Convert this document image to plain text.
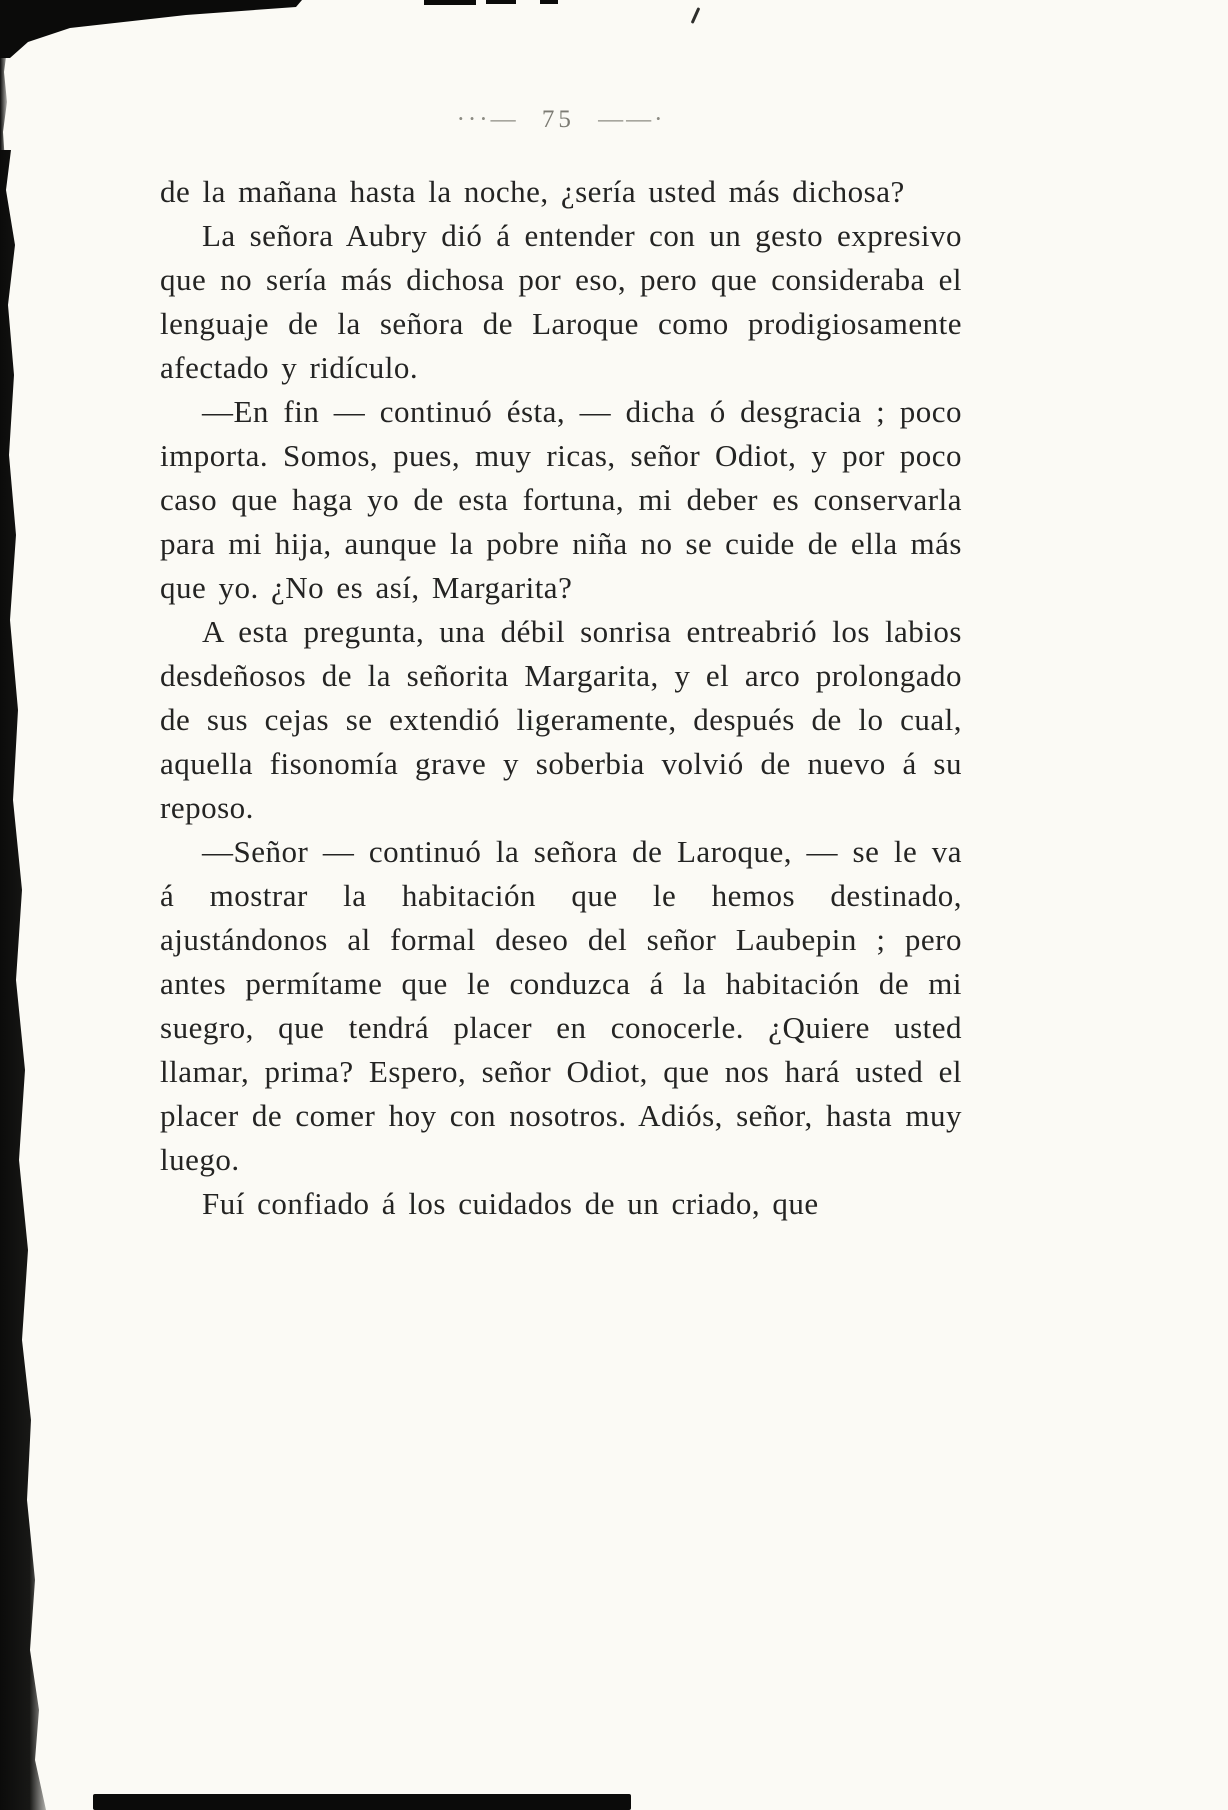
···— 75 ——·

de la mañana hasta la noche, ¿sería usted más dichosa?

La señora Aubry dió á entender con un gesto expresivo que no sería más dichosa por eso, pero que consideraba el lenguaje de la señora de Laroque como prodigiosamente afectado y ridículo.

—En fin — continuó ésta, — dicha ó desgracia ; poco importa. Somos, pues, muy ricas, señor Odiot, y por poco caso que haga yo de esta fortuna, mi deber es conservarla para mi hija, aunque la pobre niña no se cuide de ella más que yo. ¿No es así, Margarita?

A esta pregunta, una débil sonrisa entreabrió los labios desdeñosos de la señorita Margarita, y el arco prolongado de sus cejas se extendió ligeramente, después de lo cual, aquella fisonomía grave y soberbia volvió de nuevo á su reposo.

—Señor — continuó la señora de Laroque, — se le va á mostrar la habitación que le hemos destinado, ajustándonos al formal deseo del señor Laubepin ; pero antes permítame que le conduzca á la habitación de mi suegro, que tendrá placer en conocerle. ¿Quiere usted llamar, prima? Espero, señor Odiot, que nos hará usted el placer de comer hoy con nosotros. Adiós, señor, hasta muy luego.

Fuí confiado á los cuidados de un criado, que
